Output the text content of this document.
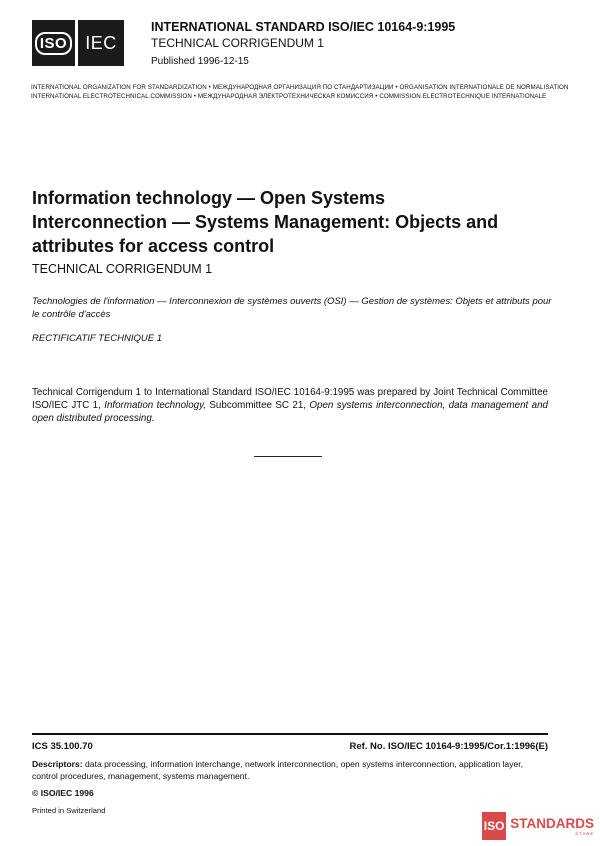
ISO	IEC
INTERNATIONAL STANDARD ISO/IEC 10164-9:1995
TECHNICAL CORRIGENDUM 1
Published 1996-12-15
INTERNATIONAL ORGANIZATION FOR STANDARDIZATION • МЕЖДУНАРОДНАЯ ОРГАНИЗАЦИЯ ПО СТАНДАРТИЗАЦИИ • ORGANISATION INTERNATIONALE DE NORMALISATION
INTERNATIONAL ELECTROTECHNICAL COMMISSION • МЕЖДУНАРОДНАЯ ЭЛЕКТРОТЕХНИЧЕСКАЯ КОМИССИЯ • COMMISSION ELECTROTECHNIQUE INTERNATIONALE
Information technology — Open Systems
Interconnection — Systems Management: Objects and
attributes for access control
TECHNICAL CORRIGENDUM 1
Technologies de l'information — Interconnexion de systèmes ouverts (OSI) — Gestion de systèmes: Objets et attributs pour le contrôle d'accès
RECTIFICATIF TECHNIQUE 1
Technical Corrigendum 1 to International Standard ISO/IEC 10164-9:1995 was prepared by Joint Technical Committee ISO/IEC JTC 1, Information technology, Subcommittee SC 21, Open systems interconnection, data management and open distributed processing.
ICS 35.100.70	Ref. No. ISO/IEC 10164-9:1995/Cor.1:1996(E)
Descriptors: data processing, information interchange, network interconnection, open systems interconnection, application layer, control procedures, management, systems management.
© ISO/IEC 1996
Printed in Switzerland
ISO STANDARDS
STORE
